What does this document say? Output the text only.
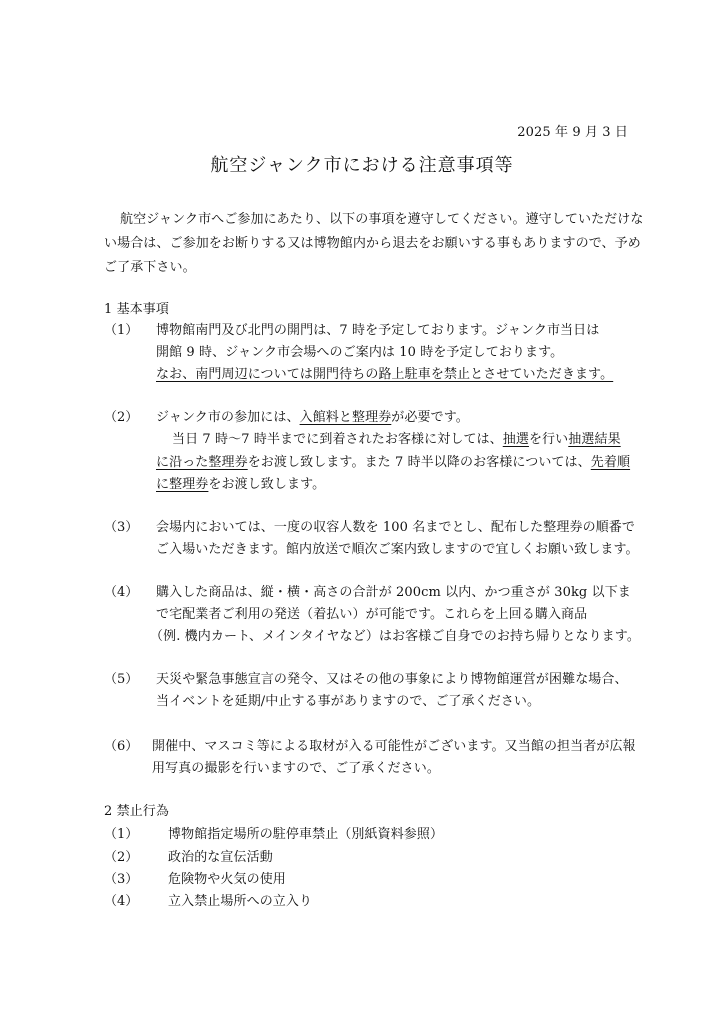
2025 年 9 月 3 日
航空ジャンク市における注意事項等
航空ジャンク市へご参加にあたり、以下の事項を遵守してください。遵守していただけな
い場合は、ご参加をお断りする又は博物館内から退去をお願いする事もありますので、予め
ご了承下さい。
1 基本事項
（1） 博物館南門及び北門の開門は、7 時を予定しております。ジャンク市当日は
開館 9 時、ジャンク市会場へのご案内は 10 時を予定しております。
なお、南門周辺については開門待ちの路上駐車を禁止とさせていただきます。
（2） ジャンク市の参加には、入館料と整理券が必要です。
当日 7 時〜7 時半までに到着されたお客様に対しては、抽選を行い抽選結果
に沿った整理券をお渡し致します。また 7 時半以降のお客様については、先着順
に整理券をお渡し致します。
（3） 会場内においては、一度の収容人数を 100 名までとし、配布した整理券の順番で
ご入場いただきます。館内放送で順次ご案内致しますので宜しくお願い致します。
（4） 購入した商品は、縦・横・高さの合計が 200cm 以内、かつ重さが 30kg 以下ま
で宅配業者ご利用の発送（着払い）が可能です。これらを上回る購入商品
（例. 機内カート、メインタイヤなど）はお客様ご自身でのお持ち帰りとなります。
（5） 天災や緊急事態宣言の発令、又はその他の事象により博物館運営が困難な場合、
当イベントを延期/中止する事がありますので、ご了承ください。
（6） 開催中、マスコミ等による取材が入る可能性がございます。又当館の担当者が広報
用写真の撮影を行いますので、ご了承ください。
2 禁止行為
（1） 博物館指定場所の駐停車禁止（別紙資料参照）
（2） 政治的な宣伝活動
（3） 危険物や火気の使用
（4） 立入禁止場所への立入り
